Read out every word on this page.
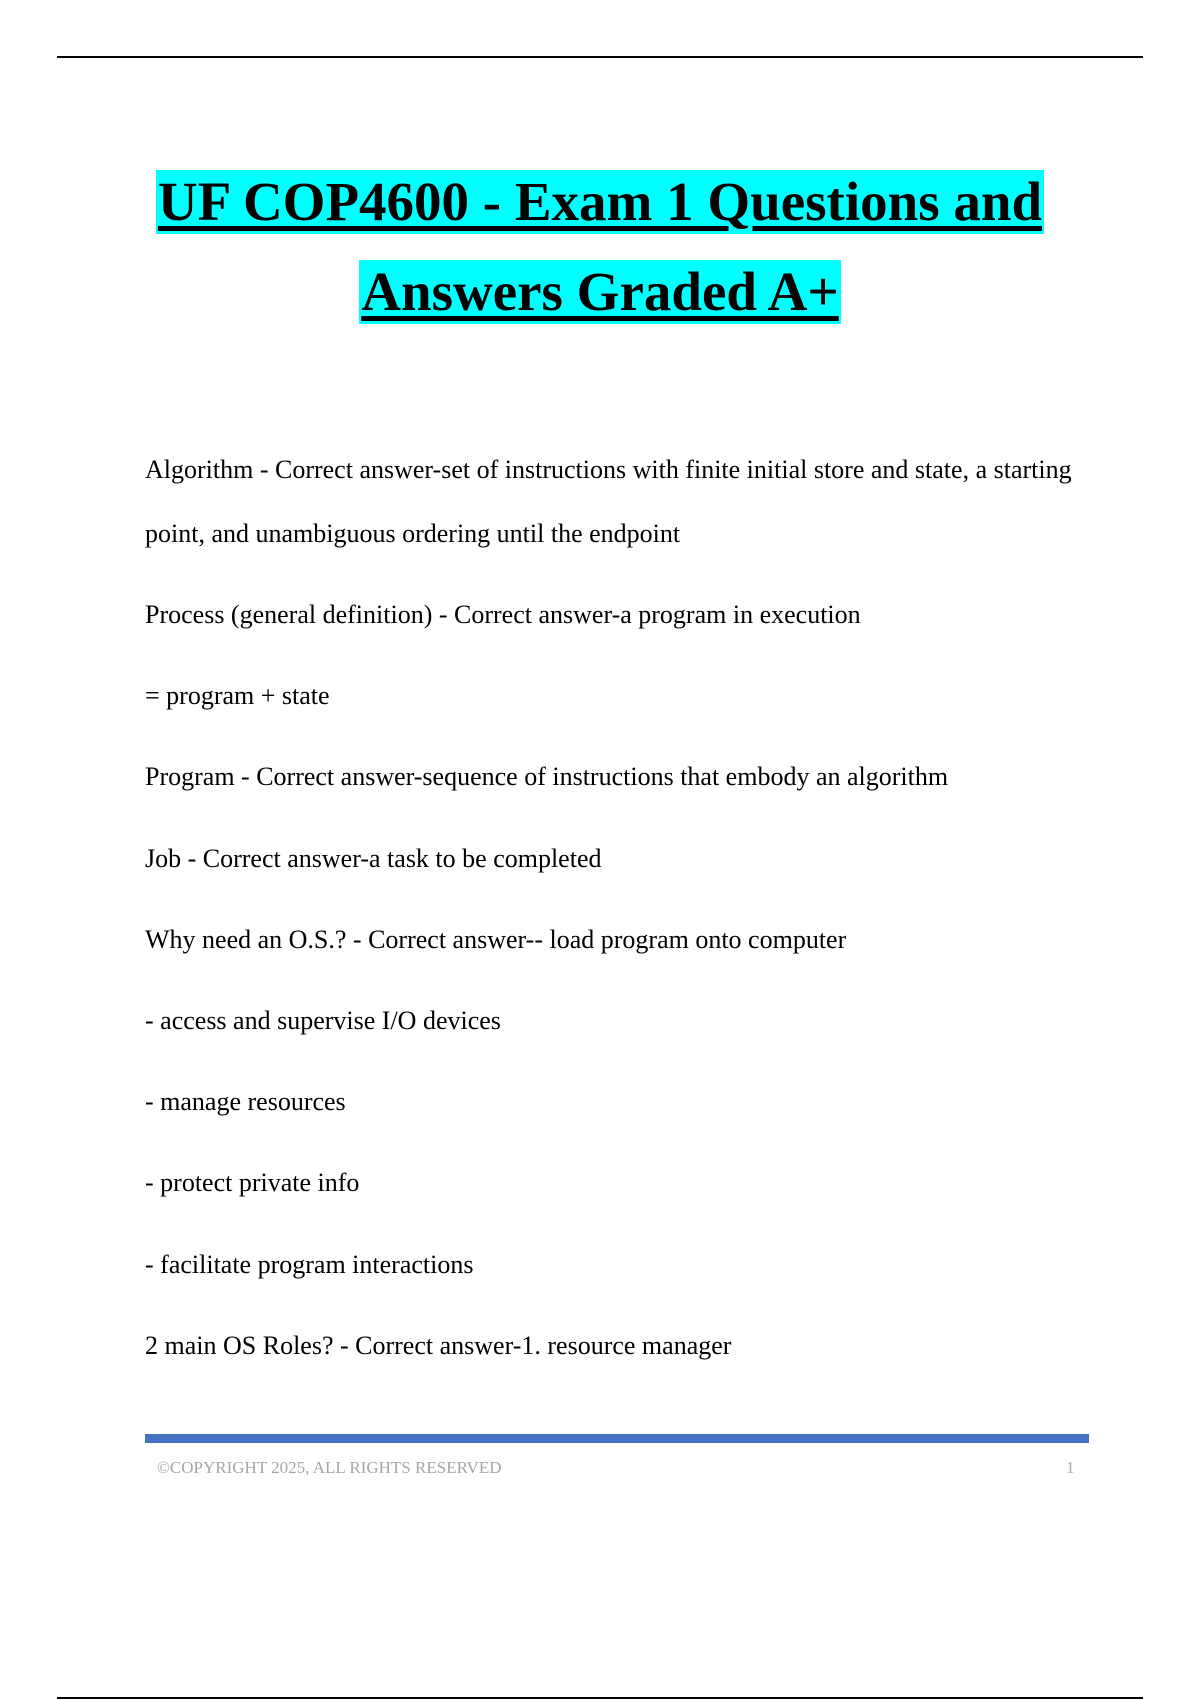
UF COP4600 - Exam 1 Questions and
Answers Graded A+
Algorithm - Correct answer-set of instructions with finite initial store and state, a starting point, and unambiguous ordering until the endpoint
Process (general definition) - Correct answer-a program in execution
= program + state
Program - Correct answer-sequence of instructions that embody an algorithm
Job - Correct answer-a task to be completed
Why need an O.S.? - Correct answer-- load program onto computer
- access and supervise I/O devices
- manage resources
- protect private info
- facilitate program interactions
2 main OS Roles? - Correct answer-1. resource manager
©COPYRIGHT 2025, ALL RIGHTS RESERVED	1
